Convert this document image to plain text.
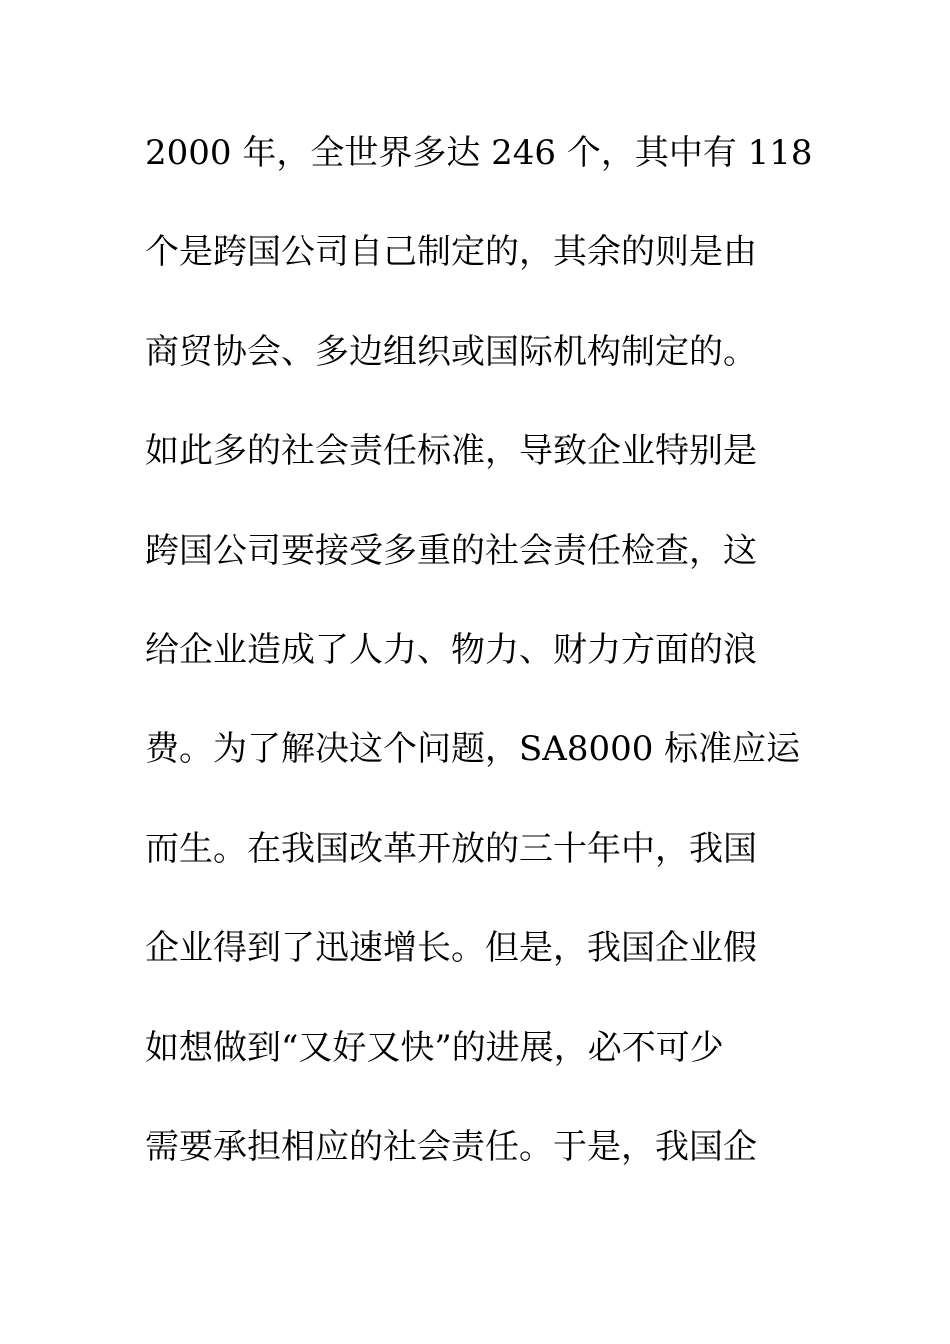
2000 年，全世界多达 246 个，其中有 118
个是跨国公司自己制定的，其余的则是由
商贸协会、多边组织或国际机构制定的。
如此多的社会责任标准，导致企业特别是
跨国公司要接受多重的社会责任检查，这
给企业造成了人力、物力、财力方面的浪
费。为了解决这个问题，SA8000 标准应运
而生。在我国改革开放的三十年中，我国
企业得到了迅速增长。但是，我国企业假
如想做到“又好又快”的进展，必不可少
需要承担相应的社会责任。于是，我国企
